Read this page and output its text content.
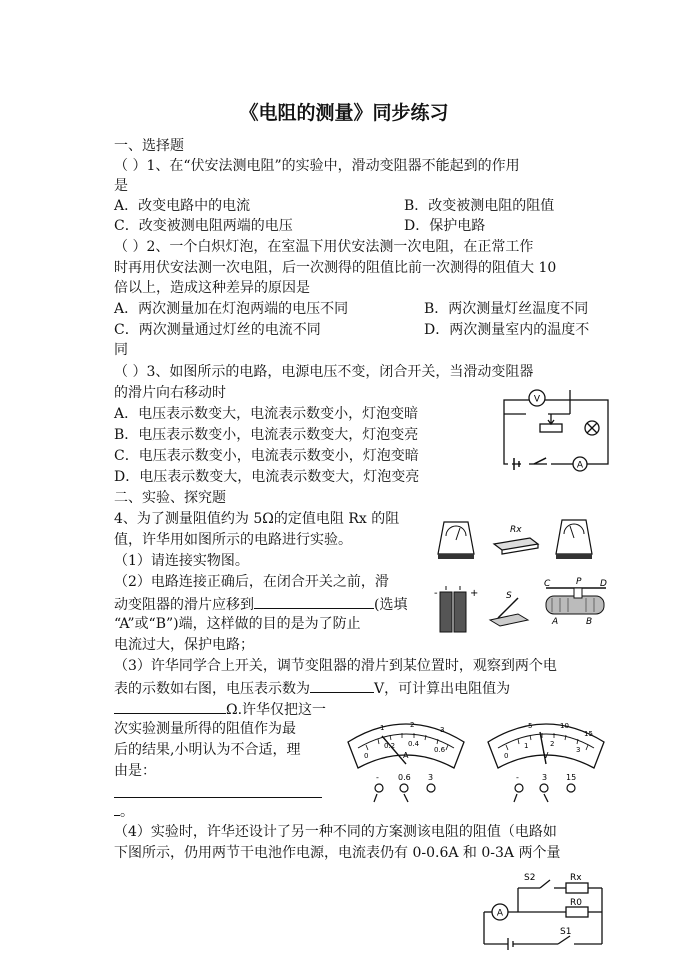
《电阻的测量》同步练习
一、选择题
（ ）1、在“伏安法测电阻”的实验中，滑动变阻器不能起到的作用
是
A．改变电路中的电流	B．改变被测电阻的阻值
C．改变被测电阻两端的电压	D．保护电路
（ ）2、一个白炽灯泡，在室温下用伏安法测一次电阻，在正常工作
时再用伏安法测一次电阻，后一次测得的阻值比前一次测得的阻值大 10
倍以上，造成这种差异的原因是
A．两次测量加在灯泡两端的电压不同	B．两次测量灯丝温度不同
C．两次测量通过灯丝的电流不同	D．两次测量室内的温度不
同
（ ）3、如图所示的电路，电源电压不变，闭合开关，当滑动变阻器
的滑片向右移动时
A．电压表示数变大，电流表示数变小，灯泡变暗
B．电压表示数变小，电流表示数变大，灯泡变亮
C．电压表示数变小，电流表示数变小，灯泡变暗
D．电压表示数变大，电流表示数变大，灯泡变亮
V
A
二、实验、探究题
4、为了测量阻值约为 5Ω的定值电阻 Rx 的阻
值，许华用如图所示的电路进行实验。
（1）请连接实物图。
（2）电路连接正确后，在闭合开关之前，滑
动变阻器的滑片应移到	(选填
“A”或“B”)端，这样做的目的是为了防止
电流过大，保护电路；
（3）许华同学合上开关，调节变阻器的滑片到某位置时，观察到两个电
表的示数如右图，电压表示数为	V，可计算出电阻值为
Ω.许华仅把这一
次实验测量所得的阻值作为最
后的结果,小明认为不合适，理
由是：
。
（4）实验时，许华还设计了另一种不同的方案测该电阻的阻值（电路如
下图所示，仍用两节干电池作电源，电流表仍有 0-0.6A 和 0-3A 两个量
Rx
+
-	S
C	P D
A	B
0
0.2 0.4
0.6
1	2
3
A
- 0.6 3
0
5	10
15
1	2
3
V
-	3 15
A
S2	Rx
R0
S1
